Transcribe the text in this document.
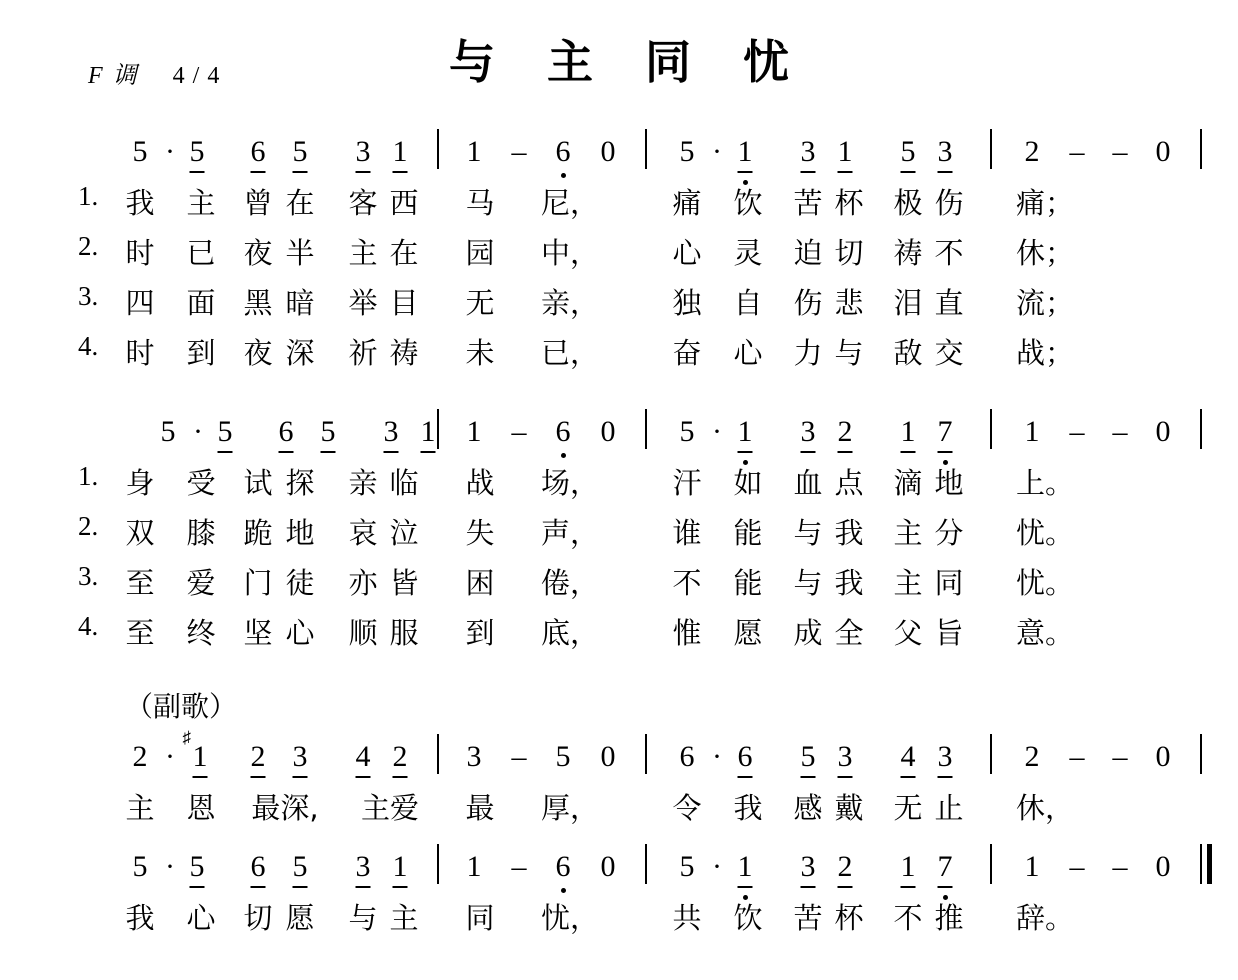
F 调 4 / 4	与 主 同 忧
5 · 5 6 5 3 1 1 – 6 0 5 · 1 3 1 5 3 2 – – 0
1. 我 主 曾 在 客 西 马 尼，	痛 饮 苦 杯 极 伤 痛；
2. 时 已 夜 半 主 在 园 中，	心 灵 迫 切 祷 不 休；
3. 四 面 黑 暗 举 目 无 亲，	独 自 伤 悲 泪 直 流；
4. 时 到 夜 深 祈 祷 未 已，	奋 心 力 与 敌 交 战；
5 · 5 6 5 3 1 1 – 6 0 5 · 1 3 2 1 7 1 – – 0
1. 身 受 试 探 亲 临 战 场，	汗 如 血 点 滴 地 上。
2. 双 膝 跪 地 哀 泣 失 声，	谁 能 与 我 主 分 忧。
3. 至 爱 门 徒 亦 皆 困 倦，	不 能 与 我 主 同 忧。
4. 至 终 坚 心 顺 服 到 底，	惟 愿 成 全 父 旨 意。
2 · 1
♯
2 3 4 2 3 – 5 0 6 · 6 5 3 4 3 2 – – 0
主 恩 最深, 主爱 最 厚，	令 我 感 戴 无 止 休，
5 · 5 6 5 3 1 1 – 6 0 5 · 1 3 2 1 7 1 – – 0
我 心 切 愿 与 主 同 忧，	共 饮 苦 杯 不 推 辞。
（副歌）
